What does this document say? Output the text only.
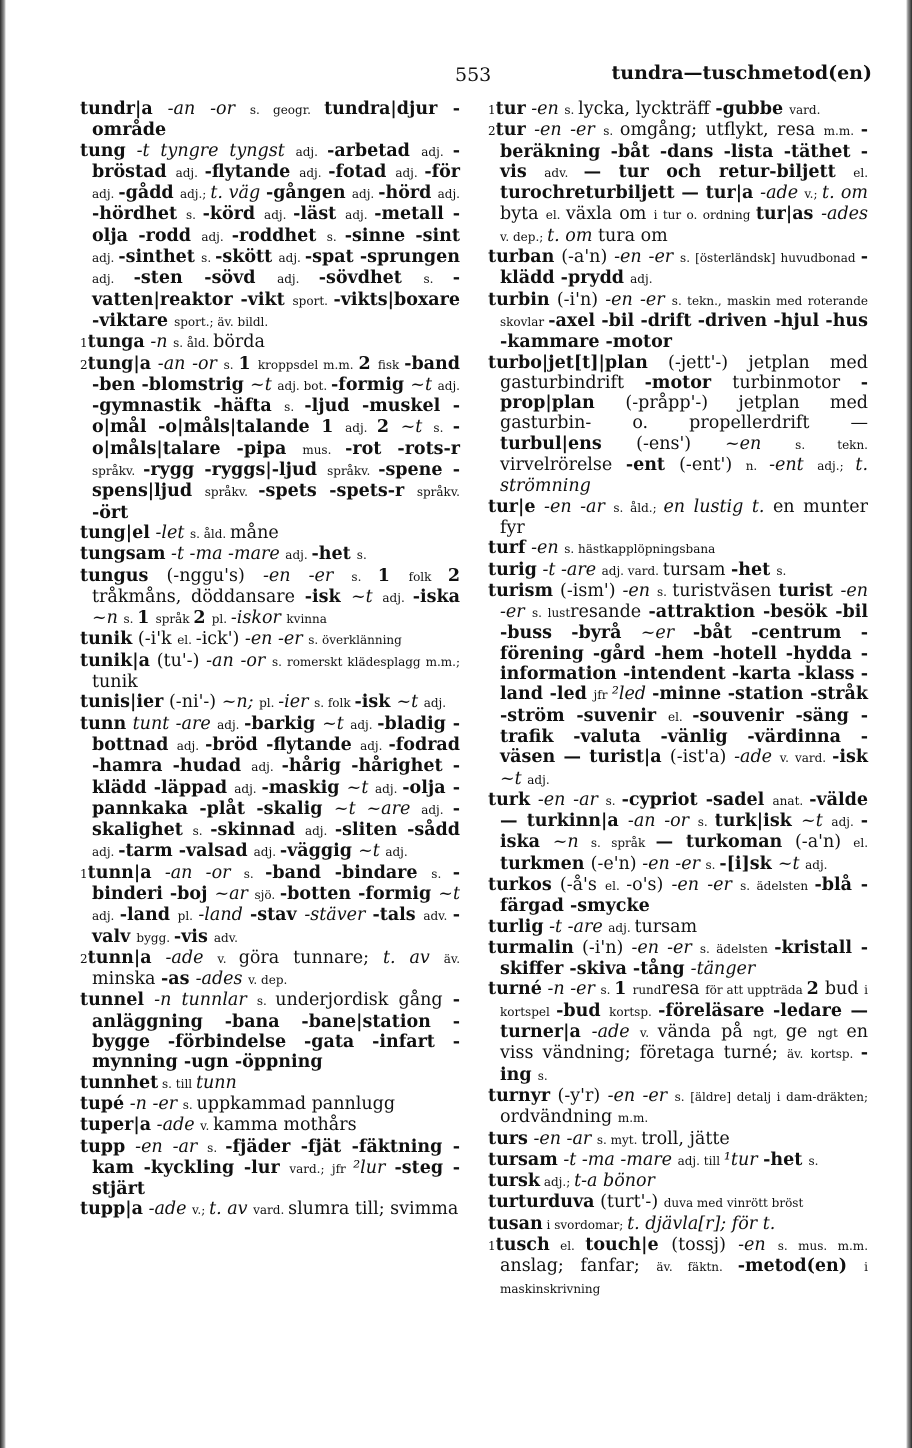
553	tundra—tuschmetod(en)

tundr|a -an -or s. geogr. tundra|djur -område

tung -t tyngre tyngst adj. -arbetad adj. -bröstad adj. -flytande adj. -fotad adj. -för adj. -gådd adj.; t. väg -gången adj. -hörd adj. -hördhet s. -körd adj. -läst adj. -metall -olja -rodd adj. -roddhet s. -sinne -sint adj. -sinthet s. -skött adj. -spat -sprungen adj. -sten -sövd adj. -sövdhet s. -vatten|reaktor -vikt sport. -vikts|boxare -viktare sport.; äv. bildl.

1tunga -n s. åld. börda

2tung|a -an -or s. 1 kroppsdel m.m. 2 fisk -band -ben -blomstrig ~t adj. bot. -formig ~t adj. -gymnastik -häfta s. -ljud -muskel -o|mål -o|måls|talande 1 adj. 2 ~t s. -o|måls|talare -pipa mus. -rot -rots-r språkv. -rygg -ryggs|-ljud språkv. -spene -spens|ljud språkv. -spets -spets-r språkv. -ört

tung|el -let s. åld. måne

tungsam -t -ma -mare adj. -het s.

tungus (-nggu's) -en -er s. 1 folk 2 tråkmåns, döddansare -isk ~t adj. -iska ~n s. 1 språk 2 pl. -iskor kvinna

tunik (-i'k el. -ick') -en -er s. överklänning

tunik|a (tu'-) -an -or s. romerskt klädesplagg m.m.; tunik

tunis|ier (-ni'-) ~n; pl. -ier s. folk -isk ~t adj.

tunn tunt -are adj. -barkig ~t adj. -bladig -bottnad adj. -bröd -flytande adj. -fodrad -hamra -hudad adj. -hårig -hårighet -klädd -läppad adj. -maskig ~t adj. -olja -pannkaka -plåt -skalig ~t ~are adj. -skalighet s. -skinnad adj. -sliten -sådd adj. -tarm -valsad adj. -väggig ~t adj.

1tunn|a -an -or s. -band -bindare s. -binderi -boj ~ar sjö. -botten -formig ~t adj. -land pl. -land -stav -stäver -tals adv. -valv bygg. -vis adv.

2tunn|a -ade v. göra tunnare; t. av äv. minska -as -ades v. dep.

tunnel -n tunnlar s. underjordisk gång -anläggning -bana -bane|station -bygge -förbindelse -gata -infart -mynning -ugn -öppning

tunnhet s. till tunn

tupé -n -er s. uppkammad pannlugg

tuper|a -ade v. kamma mothårs

tupp -en -ar s. -fjäder -fjät -fäktning -kam -kyckling -lur vard.; jfr ²lur -steg -stjärt

tupp|a -ade v.; t. av vard. slumra till; svimma

1tur -en s. lycka, lyckträff -gubbe vard.

2tur -en -er s. omgång; utflykt, resa m.m. -beräkning -båt -dans -lista -täthet -vis adv. — tur och retur-biljett el. turochreturbiljett — tur|a -ade v.; t. om byta el. växla om i tur o. ordning tur|as -ades v. dep.; t. om tura om

turban (-a'n) -en -er s. [österländsk] huvudbonad -klädd -prydd adj.

turbin (-i'n) -en -er s. tekn., maskin med roterande skovlar -axel -bil -drift -driven -hjul -hus -kammare -motor

turbo|jet[t]|plan (-jett'-) jetplan med gasturbindrift -motor turbinmotor -prop|plan (-pråpp'-) jetplan med gasturbin- o. propellerdrift — turbul|ens (-ens') ~en s. tekn. virvelrörelse -ent (-ent') n. -ent adj.; t. strömning

tur|e -en -ar s. åld.; en lustig t. en munter fyr

turf -en s. hästkapplöpningsbana

turig -t -are adj. vard. tursam -het s.

turism (-ism') -en s. turistväsen turist -en -er s. lustresande -attraktion -besök -bil -buss -byrå ~er -båt -centrum -förening -gård -hem -hotell -hydda -information -intendent -karta -klass -land -led jfr ²led -minne -station -stråk -ström -suvenir el. -souvenir -säng -trafik -valuta -vänlig -värdinna -väsen — turist|a (-ist'a) -ade v. vard. -isk ~t adj.

turk -en -ar s. -cypriot -sadel anat. -välde — turkinn|a -an -or s. turk|isk ~t adj. -iska ~n s. språk — turkoman (-a'n) el. turkmen (-e'n) -en -er s. -[i]sk ~t adj.

turkos (-å's el. -o's) -en -er s. ädelsten -blå -färgad -smycke

turlig -t -are adj. tursam

turmalin (-i'n) -en -er s. ädelsten -kristall -skiffer -skiva -tång -tänger

turné -n -er s. 1 rundresa för att uppträda 2 bud i kortspel -bud kortsp. -föreläsare -ledare — turner|a -ade v. vända på ngt, ge ngt en viss vändning; företaga turné; äv. kortsp. -ing s.

turnyr (-y'r) -en -er s. [äldre] detalj i dam-dräkten; ordvändning m.m.

turs -en -ar s. myt. troll, jätte

tursam -t -ma -mare adj. till ¹tur -het s.

tursk adj.; t-a bönor

turturduva (turt'-) duva med vinrött bröst

tusan i svordomar; t. djävla[r]; för t.

1tusch el. touch|e (tossj) -en s. mus. m.m. anslag; fanfar; äv. fäktn. -metod(en) i maskinskrivning
